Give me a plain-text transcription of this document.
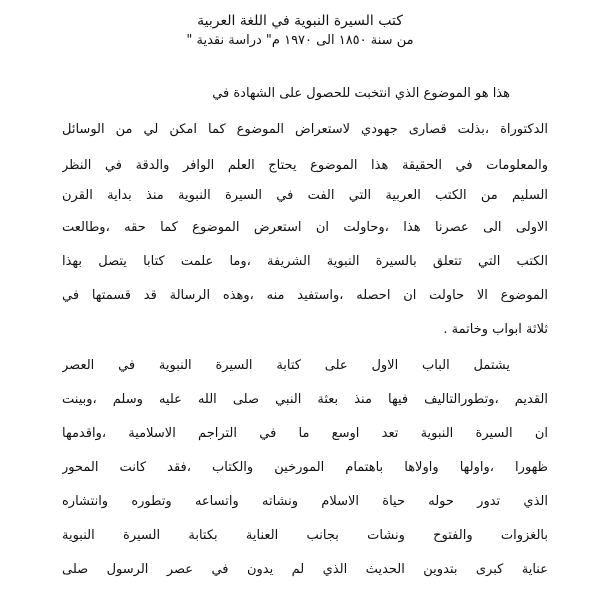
كتب السيرة النبوية في اللغة العربية
من سنة ١٨٥٠ الى ١٩٧٠ م" دراسة نقدية "
هذا هو الموضوع الذي انتخبت للحصول على الشهادة في
الدكتوراة ،بذلت قصارى جهودي لاستعراض الموضوع كما امكن لي من الوسائل
والمعلومات في الحقيقة هذا الموضوع يحتاج العلم الوافر والدقة في النظر
السليم من الكتب العربية التي الفت في السيرة النبوية منذ بداية القرن
الاولى الى عصرنا هذا ،وحاولت ان استعرض الموضوع كما حقه ،وطالعت
الكتب التي تتعلق بالسيرة النبوية الشريفة ،وما علمت كتابا يتصل بهذا
الموضوع الا حاولت ان احصله ،واستفيد منه ،وهذه الرسالة قد قسمتها في
ثلاثة ابواب وخاتمة .
يشتمل الباب الاول على كتابة السيرة النبوية في العصر
القديم ،وتطورالتاليف فيها منذ بعثة النبي صلى الله عليه وسلم ،وبينت
ان السيرة النبوية تعد اوسع ما في التراجم الاسلامية ،واقدمها
ظهورا ،واولها واولاها باهتمام المورخين والكتاب ،فقد كانت المحور
الذي تدور حوله حياة الاسلام ونشاته واتساعه وتطوره وانتشاره
بالغزوات والفتوح ونشات بجانب العناية بكتابة السيرة النبوية
عناية كبرى بتدوين الحديث الذي لم يدون في عصر الرسول صلى
